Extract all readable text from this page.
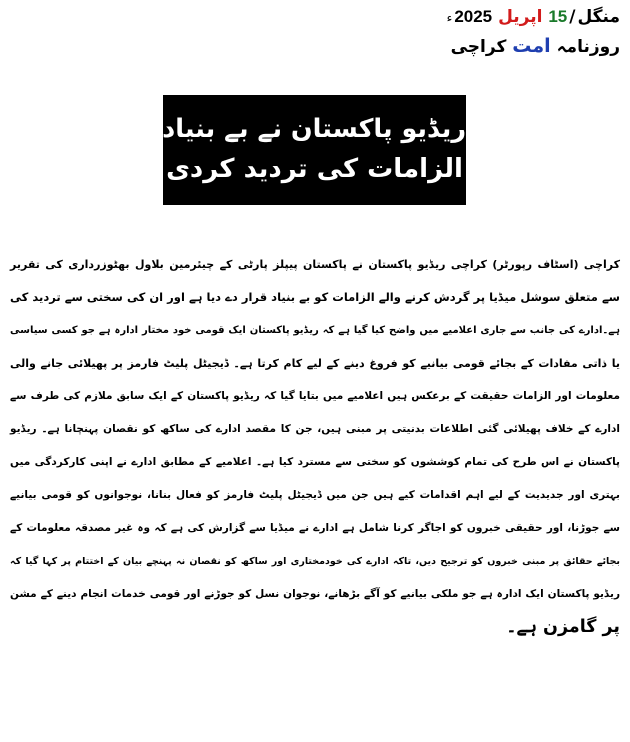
منگل/15 اپریل 2025ء
روزنامہ امت کراچی
ریڈیو پاکستان نے بے بنیاد
الزامات کی تردید کردی
کراچی (اسٹاف رپورٹر) کراچی ریڈیو پاکستان نے پاکستان پیپلز پارٹی کے چیئرمین بلاول بھٹوزرداری کی تقریر
سے متعلق سوشل میڈیا پر گردش کرنے والے الزامات کو بے بنیاد قرار دے دیا ہے اور ان کی سختی سے تردید کی
ہے۔ادارے کی جانب سے جاری اعلامیے میں واضح کیا گیا ہے کہ ریڈیو پاکستان ایک قومی خود مختار ادارہ ہے جو کسی سیاسی
یا ذاتی مفادات کے بجائے قومی بیانیے کو فروغ دینے کے لیے کام کرتا ہے۔ ڈیجیٹل پلیٹ فارمز پر پھیلائی جانے والی
معلومات اور الزامات حقیقت کے برعکس ہیں اعلامیے میں بتایا گیا کہ ریڈیو پاکستان کے ایک سابق ملازم کی طرف سے
ادارے کے خلاف پھیلائی گئی اطلاعات بدنیتی پر مبنی ہیں، جن کا مقصد ادارے کی ساکھ کو نقصان پہنچانا ہے۔ ریڈیو
پاکستان نے اس طرح کی تمام کوششوں کو سختی سے مسترد کیا ہے۔ اعلامیے کے مطابق ادارے نے اپنی کارکردگی میں
بہتری اور جدیدیت کے لیے اہم اقدامات کیے ہیں جن میں ڈیجیٹل پلیٹ فارمز کو فعال بنانا، نوجوانوں کو قومی بیانیے
سے جوڑنا، اور حقیقی خبروں کو اجاگر کرنا شامل ہے ادارے نے میڈیا سے گزارش کی ہے کہ وہ غیر مصدقہ معلومات کے
بجائے حقائق پر مبنی خبروں کو ترجیح دیں، تاکہ ادارے کی خودمختاری اور ساکھ کو نقصان نہ پہنچے بیان کے اختتام پر کہا گیا کہ
ریڈیو پاکستان ایک ادارہ ہے جو ملکی بیانیے کو آگے بڑھانے، نوجوان نسل کو جوڑنے اور قومی خدمات انجام دینے کے مشن
پر گامزن ہے۔
